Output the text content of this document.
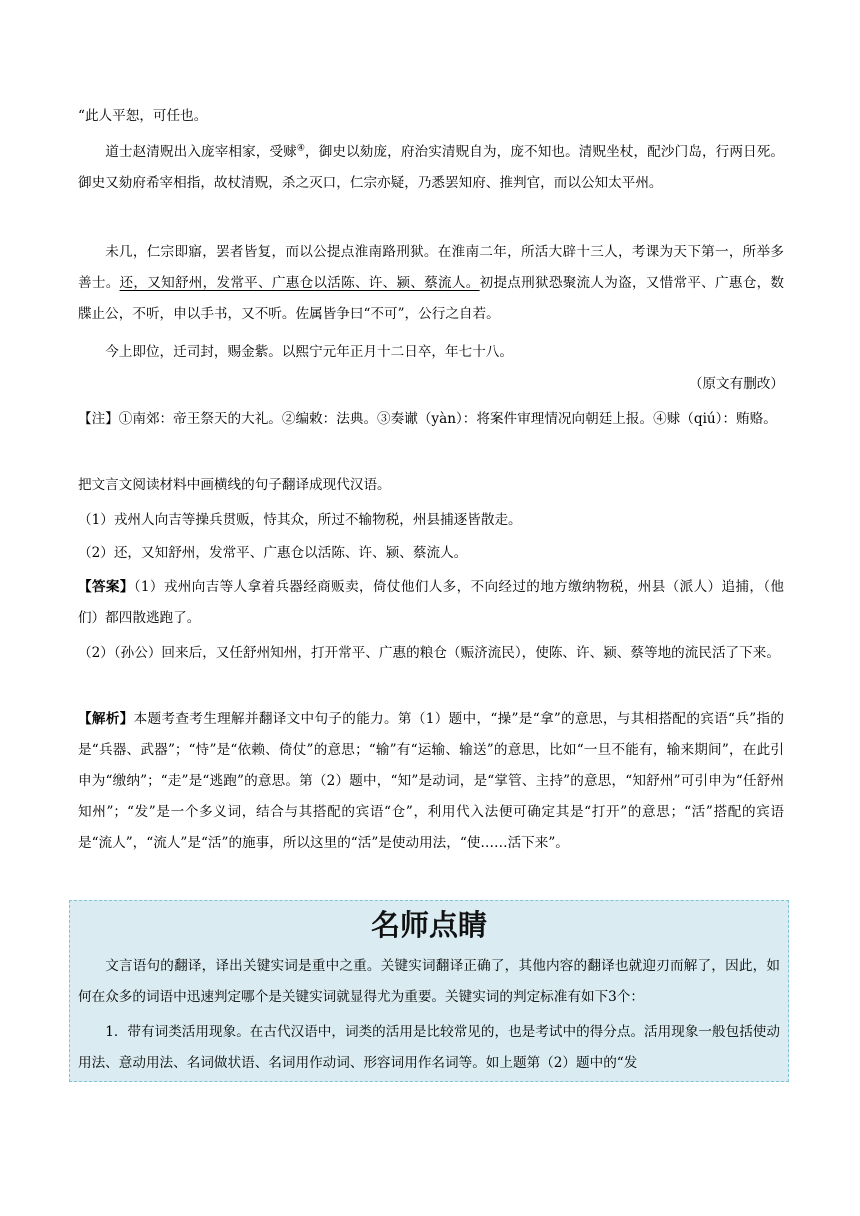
“此人平恕，可任也。

道士赵清贶出入庞宰相家，受赇④，御史以劾庞，府治实清贶自为，庞不知也。清贶坐杖，配沙门岛，行两日死。御史又劾府希宰相指，故杖清贶，杀之灭口，仁宗亦疑，乃悉罢知府、推判官，而以公知太平州。

未几，仁宗即寤，罢者皆复，而以公提点淮南路刑狱。在淮南二年，所活大辟十三人，考课为天下第一，所举多善士。还，又知舒州，发常平、广惠仓以活陈、许、颍、蔡流人。初提点刑狱恐聚流人为盗，又惜常平、广惠仓，数牒止公，不听，申以手书，又不听。佐属皆争曰“不可”，公行之自若。

今上即位，迁司封，赐金紫。以熙宁元年正月十二日卒，年七十八。

（原文有删改）

【注】①南郊：帝王祭天的大礼。②编敕：法典。③奏谳（yàn）：将案件审理情况向朝廷上报。④赇（qiú）：贿赂。

把文言文阅读材料中画横线的句子翻译成现代汉语。

（1）戎州人向吉等操兵贯贩，恃其众，所过不输物税，州县捕逐皆散走。

（2）还，又知舒州，发常平、广惠仓以活陈、许、颍、蔡流人。

【答案】（1）戎州向吉等人拿着兵器经商贩卖，倚仗他们人多，不向经过的地方缴纳物税，州县（派人）追捕，（他们）都四散逃跑了。

（2）（孙公）回来后，又任舒州知州，打开常平、广惠的粮仓（赈济流民），使陈、许、颍、蔡等地的流民活了下来。

【解析】本题考查考生理解并翻译文中句子的能力。第（1）题中，“操”是“拿”的意思，与其相搭配的宾语“兵”指的是“兵器、武器”；“恃”是“依赖、倚仗”的意思；“输”有“运输、输送”的意思，比如“一旦不能有，输来期间”，在此引申为“缴纳”；“走”是“逃跑”的意思。第（2）题中，“知”是动词，是“掌管、主持”的意思，“知舒州”可引申为“任舒州知州”；“发”是一个多义词，结合与其搭配的宾语“仓”，利用代入法便可确定其是“打开”的意思；“活”搭配的宾语是“流人”，“流人”是“活”的施事，所以这里的“活”是使动用法，“使……活下来”。

名师点睛

文言语句的翻译，译出关键实词是重中之重。关键实词翻译正确了，其他内容的翻译也就迎刃而解了，因此，如何在众多的词语中迅速判定哪个是关键实词就显得尤为重要。关键实词的判定标准有如下3个：

1．带有词类活用现象。在古代汉语中，词类的活用是比较常见的，也是考试中的得分点。活用现象一般包括使动用法、意动用法、名词做状语、名词用作动词、形容词用作名词等。如上题第（2）题中的“发
